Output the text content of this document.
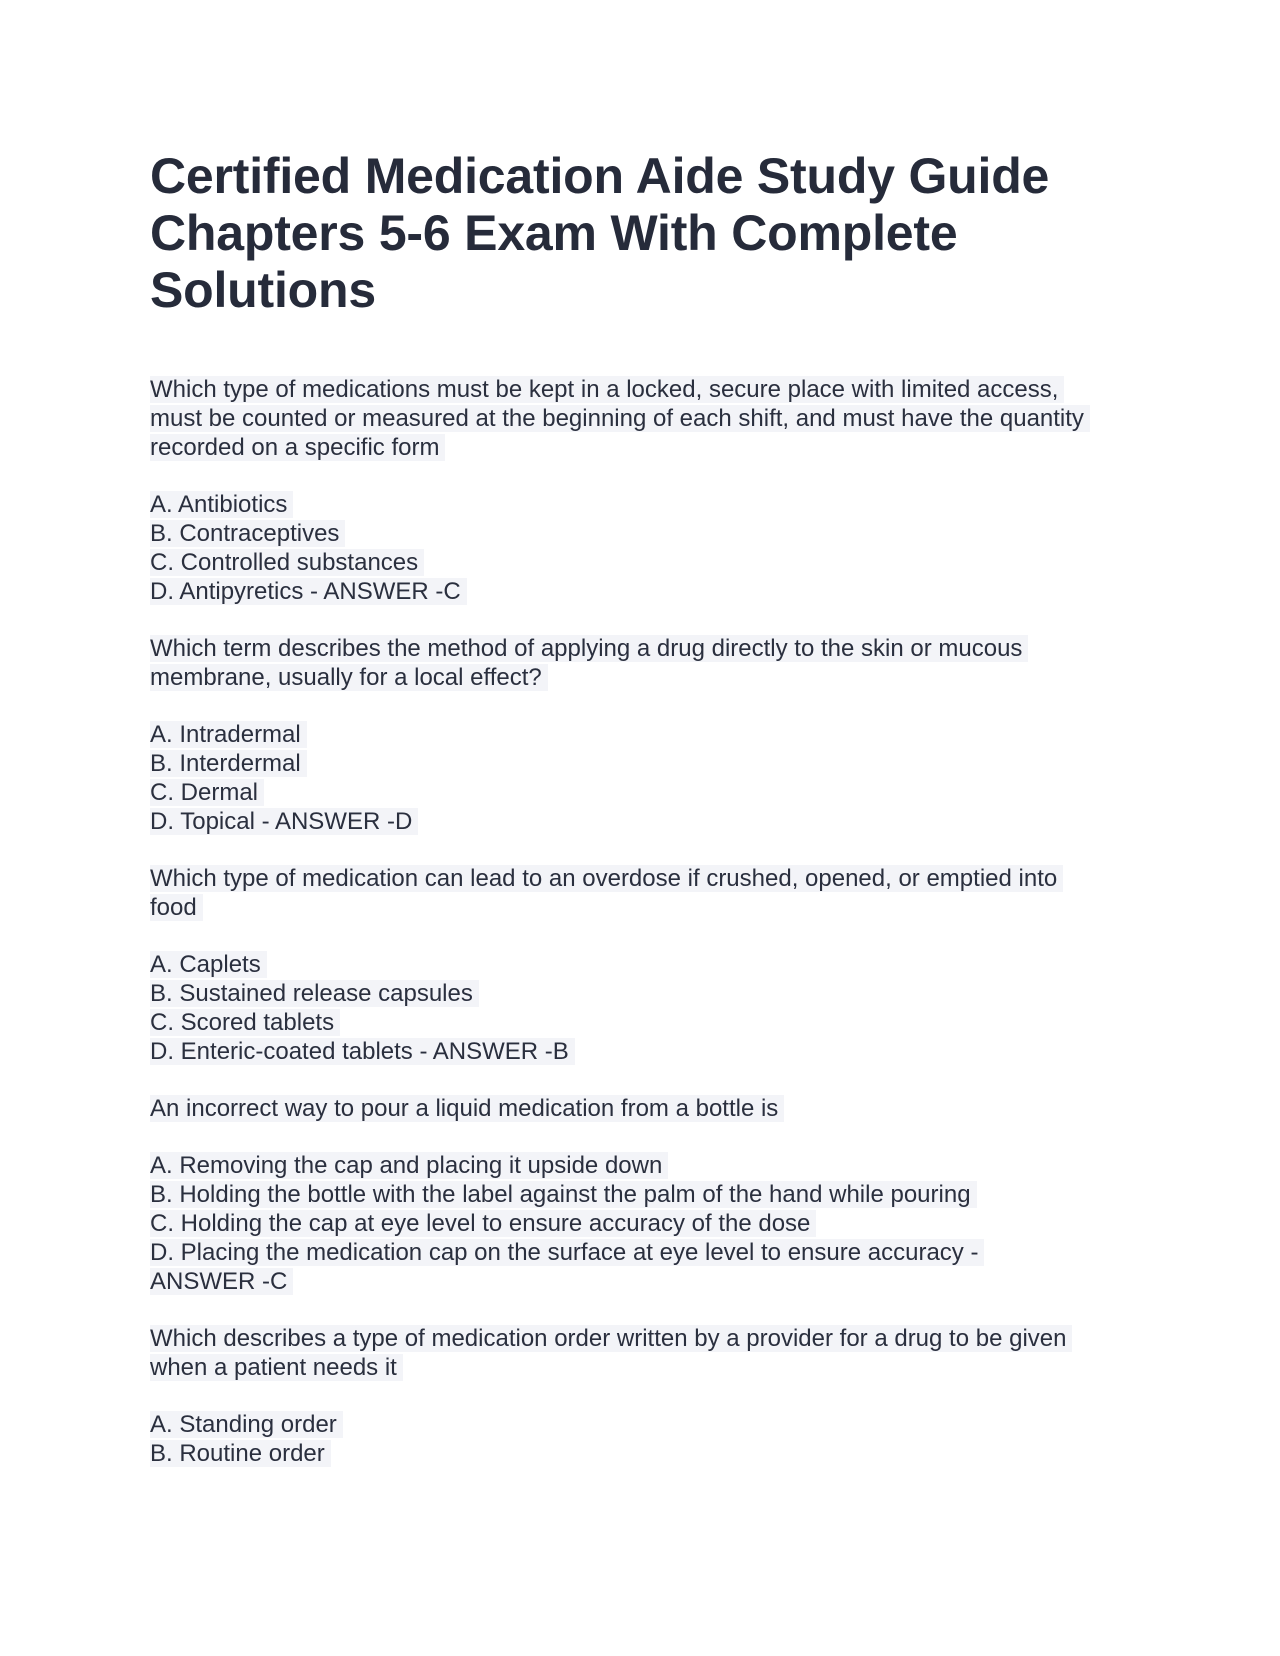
Certified Medication Aide Study Guide
Chapters 5-6 Exam With Complete
Solutions
Which type of medications must be kept in a locked, secure place with limited access,
must be counted or measured at the beginning of each shift, and must have the quantity
recorded on a specific form
A. Antibiotics
B. Contraceptives
C. Controlled substances
D. Antipyretics - ANSWER -C
Which term describes the method of applying a drug directly to the skin or mucous
membrane, usually for a local effect?
A. Intradermal
B. Interdermal
C. Dermal
D. Topical - ANSWER -D
Which type of medication can lead to an overdose if crushed, opened, or emptied into
food
A. Caplets
B. Sustained release capsules
C. Scored tablets
D. Enteric-coated tablets - ANSWER -B
An incorrect way to pour a liquid medication from a bottle is
A. Removing the cap and placing it upside down
B. Holding the bottle with the label against the palm of the hand while pouring
C. Holding the cap at eye level to ensure accuracy of the dose
D. Placing the medication cap on the surface at eye level to ensure accuracy -
ANSWER -C
Which describes a type of medication order written by a provider for a drug to be given
when a patient needs it
A. Standing order
B. Routine order
